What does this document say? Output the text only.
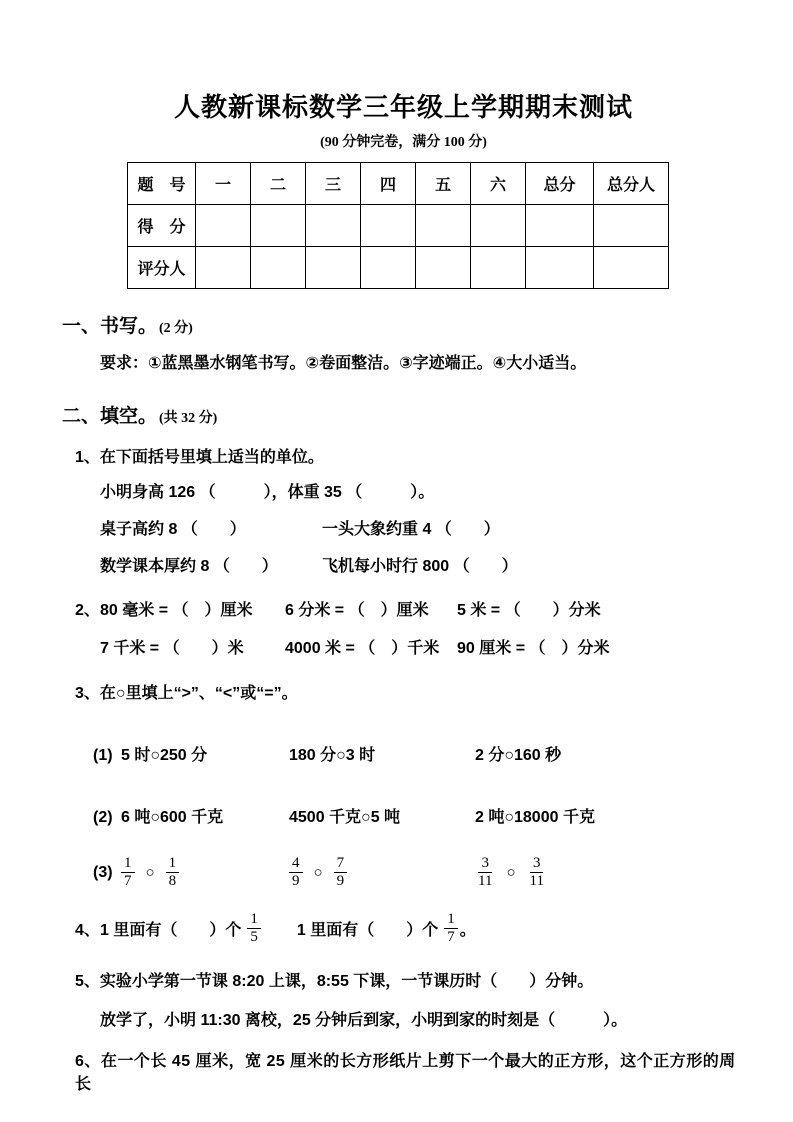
人教新课标数学三年级上学期期末测试
(90 分钟完卷，满分 100 分)
题　号	一	二	三	四	五	六	总分	总分人
得　分								
评分人								
一、书写。 (2 分)
要求：①蓝黑墨水钢笔书写。②卷面整洁。③字迹端正。④大小适当。
二、填空。 (共 32 分)
1、在下面括号里填上适当的单位。
小明身高 126 （　　　），体重 35 （　　　）。
桌子高约 8 （　　）	一头大象约重 4 （　　）
数学课本厚约 8 （　　）	飞机每小时行 800 （　　）
2、 80 毫米 = （　）厘米	6 分米 = （　）厘米	5 米 = （　　）分米
7 千米 = （　　）米	4000 米 = （　）千米	90 厘米 = （　）分米
3、在○里填上“>”、“<”或“=”。
(1) 5 时○250 分	180 分○3 时	2 分○160 秒
(2) 6 吨○600 千克	4500 千克○5 吨	2 吨○18000 千克
$(3) \frac{1}{7}$ ○ $\frac{1}{8}$	$\frac{4}{9}$ ○ $\frac{7}{9}$	$\frac{3}{11}$ ○ $\frac{3}{11}$
4、 1 里面有（　　）个 $\frac{1}{5} 1$ 里面有（　　）个 $\frac{1}{7}$ 。
5、实验小学第一节课 8:20 上课，8:55 下课，一节课历时（　　）分钟。
放学了，小明 11:30 离校，25 分钟后到家，小明到家的时刻是（　　　）。
6、在一个长 45 厘米，宽 25 厘米的长方形纸片上剪下一个最大的正方形，这个正方形的周长
